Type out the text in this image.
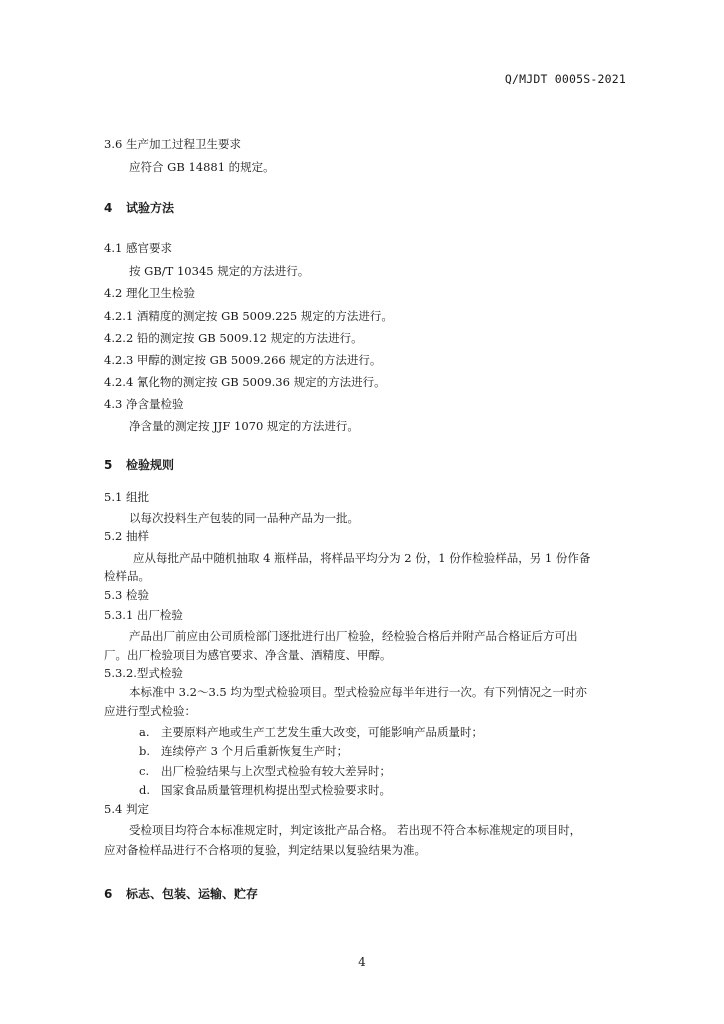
Q/MJDT 0005S-2021
3.6 生产加工过程卫生要求
应符合 GB 14881 的规定。
4 试验方法
4.1 感官要求
按 GB/T 10345 规定的方法进行。
4.2 理化卫生检验
4.2.1 酒精度的测定按 GB 5009.225 规定的方法进行。
4.2.2 铅的测定按 GB 5009.12 规定的方法进行。
4.2.3 甲醇的测定按 GB 5009.266 规定的方法进行。
4.2.4 氰化物的测定按 GB 5009.36 规定的方法进行。
4.3 净含量检验
净含量的测定按 JJF 1070 规定的方法进行。
5 检验规则
5.1 组批
以每次投料生产包装的同一品种产品为一批。
5.2 抽样
应从每批产品中随机抽取 4 瓶样品，将样品平均分为 2 份，1 份作检验样品，另 1 份作备
检样品。
5.3 检验
5.3.1 出厂检验
产品出厂前应由公司质检部门逐批进行出厂检验，经检验合格后并附产品合格证后方可出
厂。出厂检验项目为感官要求、净含量、酒精度、甲醇。
5.3.2.型式检验
本标准中 3.2～3.5 均为型式检验项目。型式检验应每半年进行一次。有下列情况之一时亦
应进行型式检验：
a. 主要原料产地或生产工艺发生重大改变，可能影响产品质量时；
b. 连续停产 3 个月后重新恢复生产时；
c. 出厂检验结果与上次型式检验有较大差异时；
d. 国家食品质量管理机构提出型式检验要求时。
5.4 判定
受检项目均符合本标准规定时，判定该批产品合格。 若出现不符合本标准规定的项目时，
应对备检样品进行不合格项的复验，判定结果以复验结果为准。
6 标志、包装、运输、贮存
4
